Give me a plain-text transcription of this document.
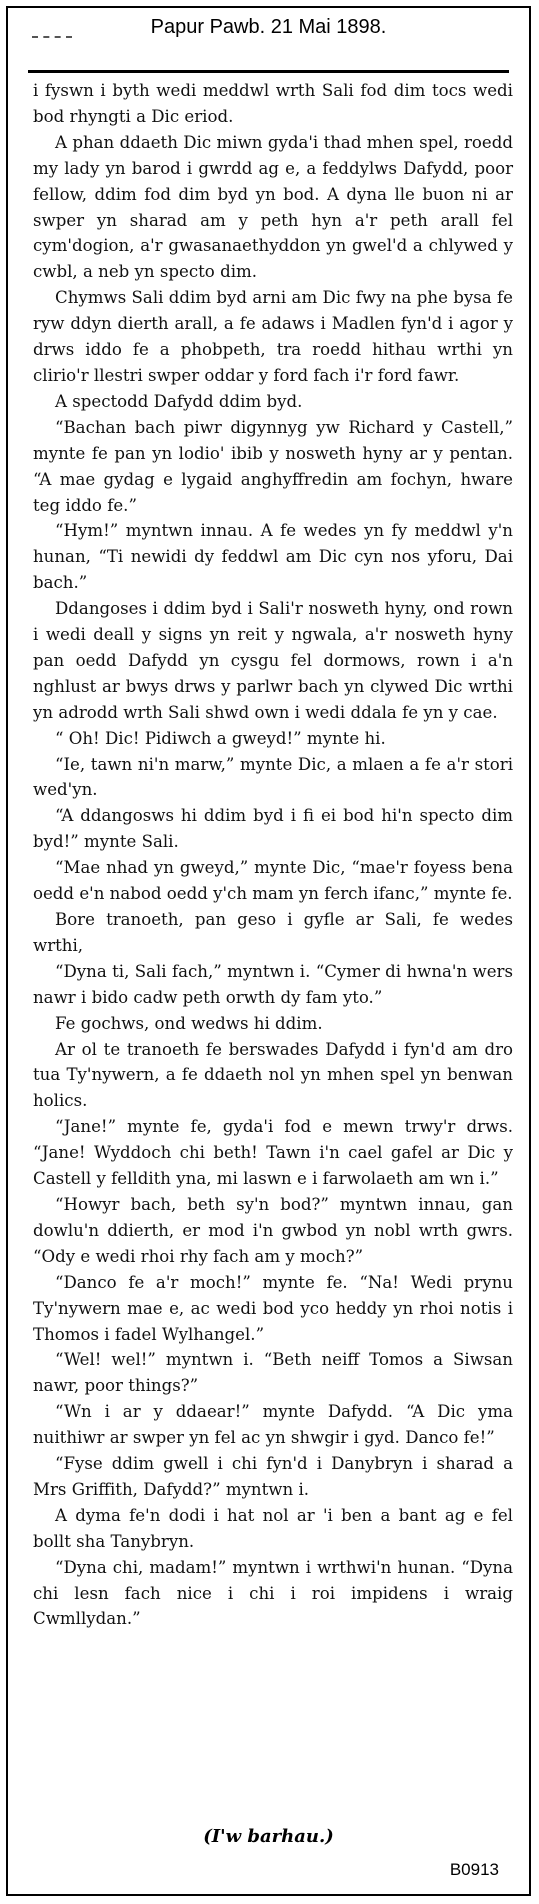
Papur Pawb. 21 Mai 1898.

i fyswn i byth wedi meddwl wrth Sali fod dim tocs wedi bod rhyngti a Dic eriod.

A phan ddaeth Dic miwn gyda'i thad mhen spel, roedd my lady yn barod i gwrdd ag e, a feddylws Dafydd, poor fellow, ddim fod dim byd yn bod. A dyna lle buon ni ar swper yn sharad am y peth hyn a'r peth arall fel cym'dogion, a'r gwasanaethyddon yn gwel'd a chlywed y cwbl, a neb yn specto dim.

Chymws Sali ddim byd arni am Dic fwy na phe bysa fe ryw ddyn dierth arall, a fe adaws i Madlen fyn'd i agor y drws iddo fe a phobpeth, tra roedd hithau wrthi yn clirio'r llestri swper oddar y ford fach i'r ford fawr.

A spectodd Dafydd ddim byd.

“Bachan bach piwr digynnyg yw Richard y Castell,” mynte fe pan yn lodio' ibib y nosweth hyny ar y pentan. “A mae gydag e lygaid anghyffredin am fochyn, hware teg iddo fe.”

“Hym!” myntwn innau. A fe wedes yn fy meddwl y'n hunan, “Ti newidi dy feddwl am Dic cyn nos yforu, Dai bach.”

Ddangoses i ddim byd i Sali'r nosweth hyny, ond rown i wedi deall y signs yn reit y ngwala, a'r nosweth hyny pan oedd Dafydd yn cysgu fel dormows, rown i a'n nghlust ar bwys drws y parlwr bach yn clywed Dic wrthi yn adrodd wrth Sali shwd own i wedi ddala fe yn y cae.

“ Oh! Dic! Pidiwch a gweyd!” mynte hi.

“Ie, tawn ni'n marw,” mynte Dic, a mlaen a fe a'r stori wed'yn.

“A ddangosws hi ddim byd i fi ei bod hi'n specto dim byd!” mynte Sali.

“Mae nhad yn gweyd,” mynte Dic, “mae'r foyess bena oedd e'n nabod oedd y'ch mam yn ferch ifanc,” mynte fe.

Bore tranoeth, pan geso i gyfle ar Sali, fe wedes wrthi,

“Dyna ti, Sali fach,” myntwn i. “Cymer di hwna'n wers nawr i bido cadw peth orwth dy fam yto.”

Fe gochws, ond wedws hi ddim.

Ar ol te tranoeth fe berswades Dafydd i fyn'd am dro tua Ty'nywern, a fe ddaeth nol yn mhen spel yn benwan holics.

“Jane!” mynte fe, gyda'i fod e mewn trwy'r drws. “Jane! Wyddoch chi beth! Tawn i'n cael gafel ar Dic y Castell y felldith yna, mi laswn e i farwolaeth am wn i.”

“Howyr bach, beth sy'n bod?” myntwn innau, gan dowlu'n ddierth, er mod i'n gwbod yn nobl wrth gwrs. “Ody e wedi rhoi rhy fach am y moch?”

“Danco fe a'r moch!” mynte fe. “Na! Wedi prynu Ty'nywern mae e, ac wedi bod yco heddy yn rhoi notis i Thomos i fadel Wylhangel.”

“Wel! wel!” myntwn i. “Beth neiff Tomos a Siwsan nawr, poor things?”

“Wn i ar y ddaear!” mynte Dafydd. “A Dic yma nuithiwr ar swper yn fel ac yn shwgir i gyd. Danco fe!”

“Fyse ddim gwell i chi fyn'd i Danybryn i sharad a Mrs Griffith, Dafydd?” myntwn i.

A dyma fe'n dodi i hat nol ar 'i ben a bant ag e fel bollt sha Tanybryn.

“Dyna chi, madam!” myntwn i wrthwi'n hunan. “Dyna chi lesn fach nice i chi i roi impidens i wraig Cwmllydan.”

(I'w barhau.)
B0913
